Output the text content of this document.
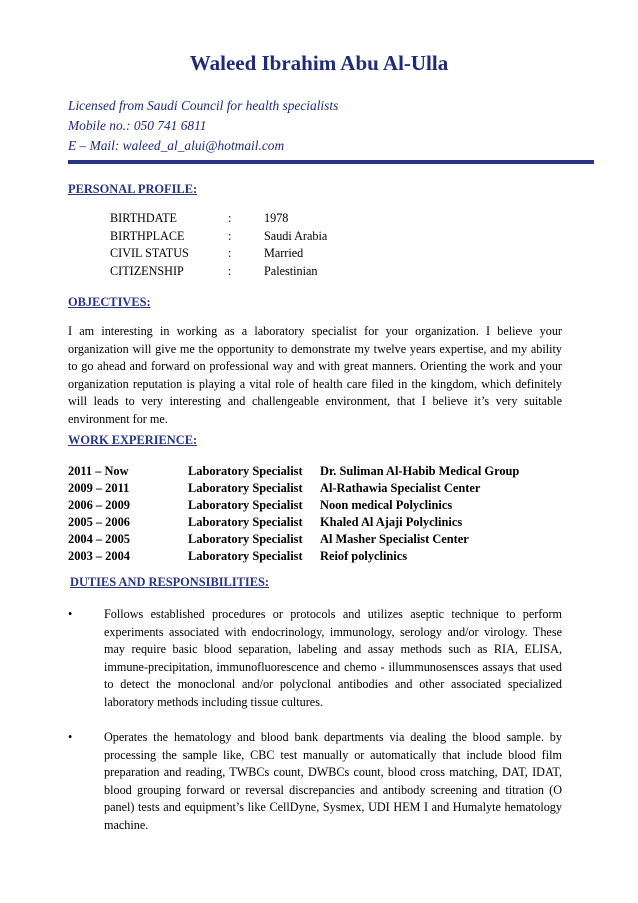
Waleed Ibrahim Abu Al-Ulla
Licensed from Saudi Council for health specialists
Mobile no.: 050 741 6811
E – Mail: waleed_al_alui@hotmail.com
PERSONAL PROFILE:
BIRTHDATE	:	1978
BIRTHPLACE	:	Saudi Arabia
CIVIL STATUS	:	Married
CITIZENSHIP	:	Palestinian
OBJECTIVES:
I am interesting in working as a laboratory specialist for your organization. I believe your organization will give me the opportunity to demonstrate my twelve years expertise, and my ability to go ahead and forward on professional way and with great manners. Orienting the work and your organization reputation is playing a vital role of health care filed in the kingdom, which definitely will leads to very interesting and challengeable environment, that I believe it’s very suitable environment for me.
WORK EXPERIENCE:
2011 – Now	Laboratory Specialist	Dr. Suliman Al-Habib Medical Group
2009 – 2011	Laboratory Specialist	Al-Rathawia Specialist Center
2006 – 2009	Laboratory Specialist	Noon medical Polyclinics
2005 – 2006	Laboratory Specialist	Khaled Al Ajaji Polyclinics
2004 – 2005	Laboratory Specialist	Al Masher Specialist Center
2003 – 2004	Laboratory Specialist	Reiof polyclinics
DUTIES AND RESPONSIBILITIES:
•	Follows established procedures or protocols and utilizes aseptic technique to perform experiments associated with endocrinology, immunology, serology and/or virology. These may require basic blood separation, labeling and assay methods such as RIA, ELISA, immune-precipitation, immunofluorescence and chemo - illummunosensces assays that used to detect the monoclonal and/or polyclonal antibodies and other associated specialized laboratory methods including tissue cultures.
•	Operates the hematology and blood bank departments via dealing the blood sample. by processing the sample like, CBC test manually or automatically that include blood film preparation and reading, TWBCs count, DWBCs count, blood cross matching, DAT, IDAT, blood grouping forward or reversal discrepancies and antibody screening and titration (O panel) tests and equipment’s like CellDyne, Sysmex, UDI HEM I and Humalyte hematology machine.
